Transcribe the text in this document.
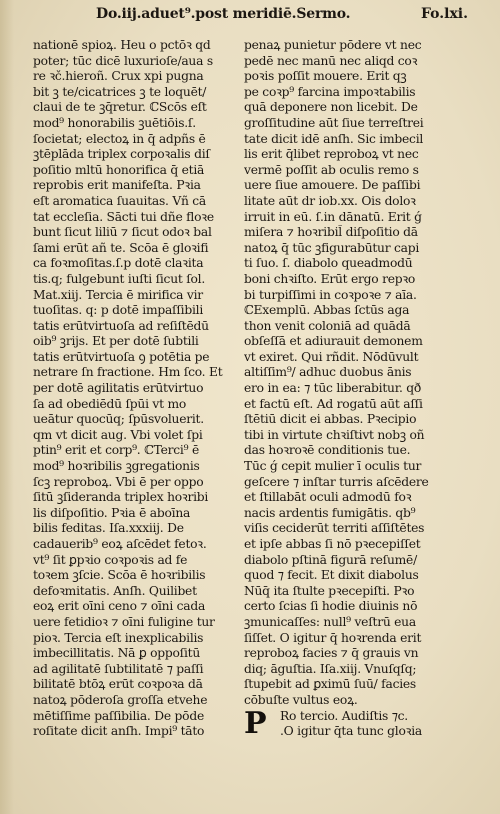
Do.iij.aduet⁹.post meridiē.Sermo.	Fo.lxi.
nationē spioꝝ. Heu o pctōꝛ qd
poter; tūc dicē luxurioſe/aua s
re ꝛč.hieroñ. Crux xpi pugna
bit ꝫ te/cicatrices ꝫ te loquēt/
claui de te ꝫq̄retur. ℂScōs eſt
mod⁹ honorabilis ꝫuētiōis.ſ.
ſocietat; electoꝝ in q̄ adpñs ē
ꝫtēplāda triplex corpoꝛalis diſ
poſitio mltū honorifica q̄ etiā
reprobis erit manifeſta. Pꝛia
eſt aromatica ſuauitas. Vñ cā
tat eccleſia. Sācti tui dñe floꝛe
bunt ſicut liliū ⁊ ſicut odoꝛ bal
ſami erūt añ te. Scōa ē gloꝛifi
ca foꝛmoſitas.ſ.p dotē claꝛita
tis.q; fulgebunt iuſti ſicut ſol.
Mat.xiij. Tercia ē mirifica vir
tuoſitas. q: p dotē impaſſibili
tatis erūtvirtuoſa ad reſiſtēdū
oib⁹ ꝫrijs. Et per dotē ſubtili
tatis erūtvirtuoſa ꝯ potētia pe
netrare ſn fractione. Hm ſco. Et
per dotē agilitatis erūtvirtuo
ſa ad obediēdū ſpūi vt mo
ueātur quocūq; ſpūsvoluerit.
qm vt dicit aug. Vbi volet ſpi
ptin⁹ erit et corp⁹. ℂTerci⁹ ē
mod⁹ hoꝛribilis ꝫgregationis
ſcꝫ reproboꝝ. Vbi ē per oppo
ſitū ꝫſideranda triplex hoꝛribi
lis diſpoſitio. Pꝛia ē aboīna
bilis feditas. Iſa.xxxiij. De
cadauerib⁹ eoꝝ aſcēdet fetoꝛ.
vt⁹ ſit ꝑpꝛio coꝛpoꝛis ad fe
toꝛem ꝫſcie. Scōa ē hoꝛribilis
defoꝛmitatis. Anſh. Quilibet
eoꝝ erit oīni ceno ⁊ oīni cada
uere fetidioꝛ ⁊ oīni fuligine tur
pioꝛ. Tercia eſt inexplicabilis
imbecillitatis. Nā ꝑ oppoſitū
ad agilitatē ſubtilitatē ⁊ paſſi
bilitatē btōꝝ erūt coꝛpoꝛa dā
natoꝝ pōderoſa groſſa etvehe
mētiſſime paſſibilia. De pōde
roſitate dicit anſh. Impi⁹ tāto
penaꝝ punietur pōdere vt nec
pedē nec manū nec aliqd coꝛ
poꝛis poſſit mouere. Erit qꝫ
pe coꝛp⁹ farcina impoꝛtabilis
quā deponere non licebit. De
groſſitudine aūt ſiue terreſtrei
tate dicit idē anſh. Sic imbecil
lis erit q̄libet reproboꝝ vt nec
vermē poſſit ab oculis remo s
uere ſiue amouere. De paſſibi
litate aūt dr iob.xx. Ois doloꝛ
irruit in eū. ſ.in dānatū. Erit ǵ
miſera ⁊ hoꝛribil̄ diſpoſitio dā
natoꝝ q̄ tūc ꝫfigurabūtur capi
ti ſuo. ſ. diabolo queadmodū
boni chꝛiſto. Erūt ergo repꝛo
bi turpiſſimi in coꝛpoꝛe ⁊ aīa.
ℂExemplū. Abbas ſctūs aga
thon venit coloniā ad quādā
obſeſſā et adiurauit demonem
vt exiret. Qui rñdit. Nōdūvult
altiſſim⁹/ adhuc duobus ānis
ero in ea: ⁊ tūc liberabitur. qð
et factū eſt. Ad rogatū aūt aſſi
ſtētiū dicit ei abbas. Pꝛecipio
tibi in virtute chꝛiſtivt nobꝫ oñ
das hoꝛroꝛē conditionis tue.
Tūc ǵ cepit mulier ī oculis tur
geſcere ⁊ inſtar turris aſcēdere
et ſtillabāt oculi admodū foꝛ
nacis ardentis fumigātis. qb⁹
viſis ceciderūt territi aſſiſtētes
et ipſe abbas ſi nō pꝛecepiſſet
diabolo pſtinā figurā reſumē/
quod ⁊ fecit. Et dixit diabolus
Nūq̄ ita ſtulte pꝛecepiſti. Pꝛo
certo ſcias ſi hodie diuinis nō
ꝫmunicaſſes: null⁹ veſtrū eua
ſiſſet. O igitur q̄ hoꝛrenda erit
reproboꝝ facies ⁊ q̄ grauis vn
diq; āguſtia. Iſa.xiij. Vnuſqſq;
ſtupebit ad ꝑximū ſuū/ facies
cōbuſte vultus eoꝝ.
P	Ro tercio. Audiſtis ⁊c.
.O igitur q̄ta tunc gloꝛia
